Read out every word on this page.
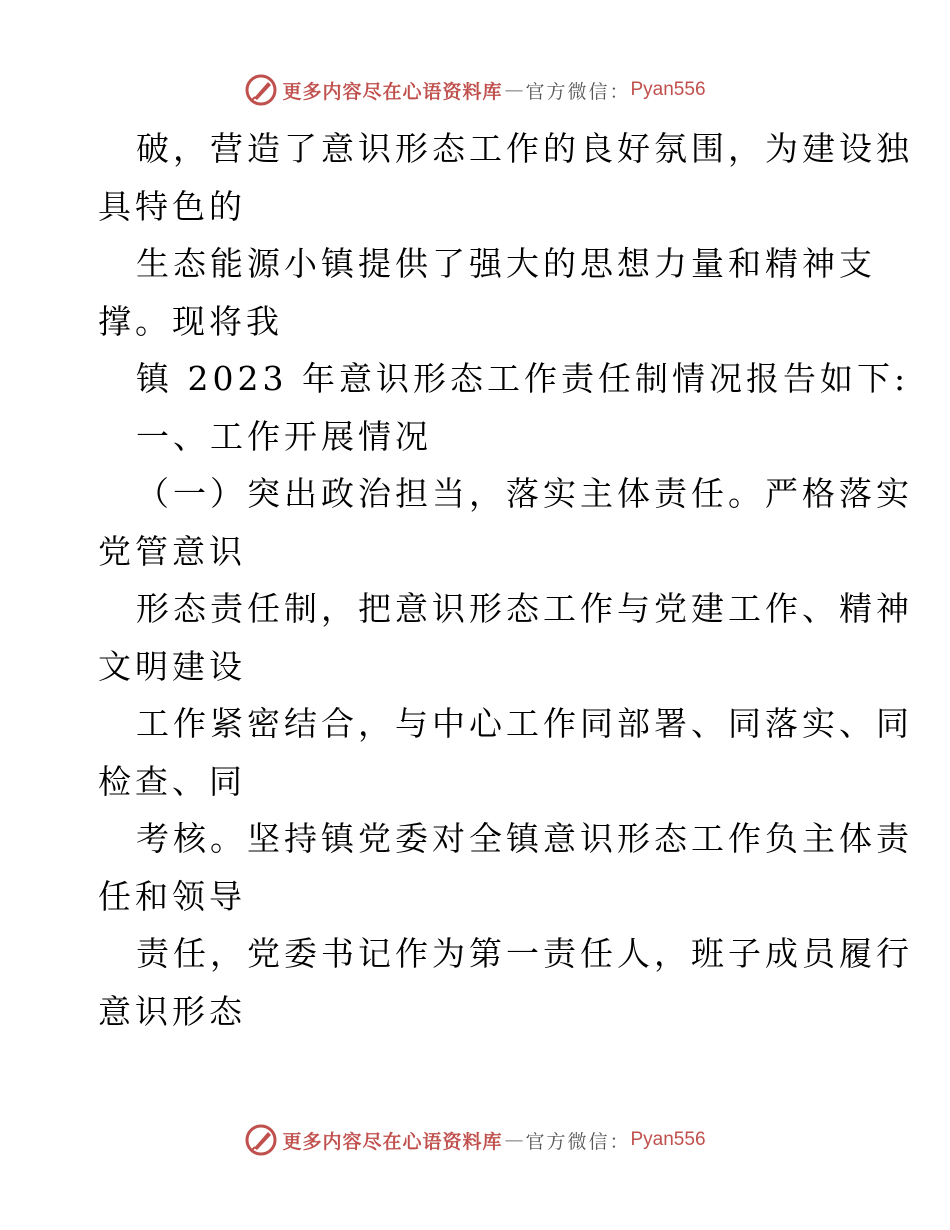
更多内容尽在心语资料库 — 官方微信： Pyan556
破，营造了意识形态工作的良好氛围，为建设独
具特色的
生态能源小镇提供了强大的思想力量和精神支
撑。现将我
镇 2023 年意识形态工作责任制情况报告如下:
一、工作开展情况
（一）突出政治担当，落实主体责任。严格落实
党管意识
形态责任制，把意识形态工作与党建工作、精神
文明建设
工作紧密结合，与中心工作同部署、同落实、同
检查、同
考核。坚持镇党委对全镇意识形态工作负主体责
任和领导
责任，党委书记作为第一责任人，班子成员履行
意识形态
更多内容尽在心语资料库 — 官方微信： Pyan556
